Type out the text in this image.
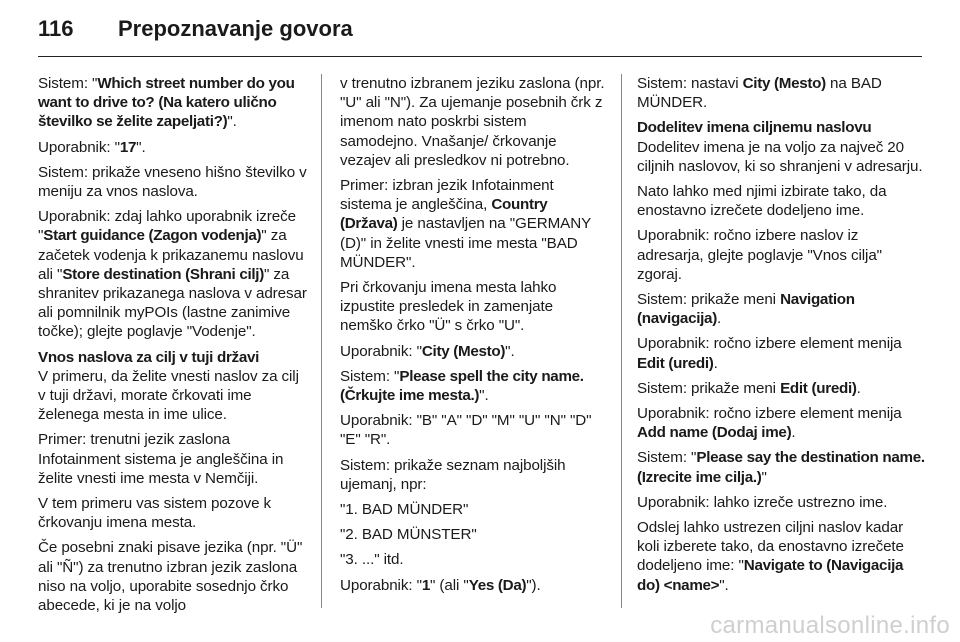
116 Prepoznavanje govora

Sistem: "Which street number do you want to drive to? (Na katero ulično številko se želite zapeljati?)".

Uporabnik: "17".

Sistem: prikaže vneseno hišno številko v meniju za vnos naslova.

Uporabnik: zdaj lahko uporabnik izreče "Start guidance (Zagon vodenja)" za začetek vodenja k prikazanemu naslovu ali "Store destination (Shrani cilj)" za shranitev prikazanega naslova v adresar ali pomnilnik myPOIs (lastne zanimive točke); glejte poglavje "Vodenje".

Vnos naslova za cilj v tuji državi

V primeru, da želite vnesti naslov za cilj v tuji državi, morate črkovati ime želenega mesta in ime ulice.

Primer: trenutni jezik zaslona Infotainment sistema je angleščina in želite vnesti ime mesta v Nemčiji.

V tem primeru vas sistem pozove k črkovanju imena mesta.

Če posebni znaki pisave jezika (npr. "Ü" ali "Ñ") za trenutno izbran jezik zaslona niso na voljo, uporabite sosednjo črko abecede, ki je na voljo

v trenutno izbranem jeziku zaslona (npr. "U" ali "N"). Za ujemanje posebnih črk z imenom nato poskrbi sistem samodejno. Vnašanje/ črkovanje vezajev ali presledkov ni potrebno.

Primer: izbran jezik Infotainment sistema je angleščina, Country (Država) je nastavljen na "GERMANY (D)" in želite vnesti ime mesta "BAD MÜNDER".

Pri črkovanju imena mesta lahko izpustite presledek in zamenjate nemško črko "Ü" s črko "U".

Uporabnik: "City (Mesto)".

Sistem: "Please spell the city name. (Črkujte ime mesta.)".

Uporabnik: "B" "A" "D" "M" "U" "N" "D" "E" "R".

Sistem: prikaže seznam najboljših ujemanj, npr:

"1. BAD MÜNDER"

"2. BAD MÜNSTER"

"3. ..." itd.

Uporabnik: "1" (ali "Yes (Da)").

Sistem: nastavi City (Mesto) na BAD MÜNDER.

Dodelitev imena ciljnemu naslovu

Dodelitev imena je na voljo za največ 20 ciljnih naslovov, ki so shranjeni v adresarju.

Nato lahko med njimi izbirate tako, da enostavno izrečete dodeljeno ime.

Uporabnik: ročno izbere naslov iz adresarja, glejte poglavje "Vnos cilja" zgoraj.

Sistem: prikaže meni Navigation (navigacija).

Uporabnik: ročno izbere element menija Edit (uredi).

Sistem: prikaže meni Edit (uredi).

Uporabnik: ročno izbere element menija Add name (Dodaj ime).

Sistem: "Please say the destination name. (Izrecite ime cilja.)"

Uporabnik: lahko izreče ustrezno ime.

Odslej lahko ustrezen ciljni naslov kadar koli izberete tako, da enostavno izrečete dodeljeno ime: "Navigate to (Navigacija do) <name>".

carmanualsonline.info
